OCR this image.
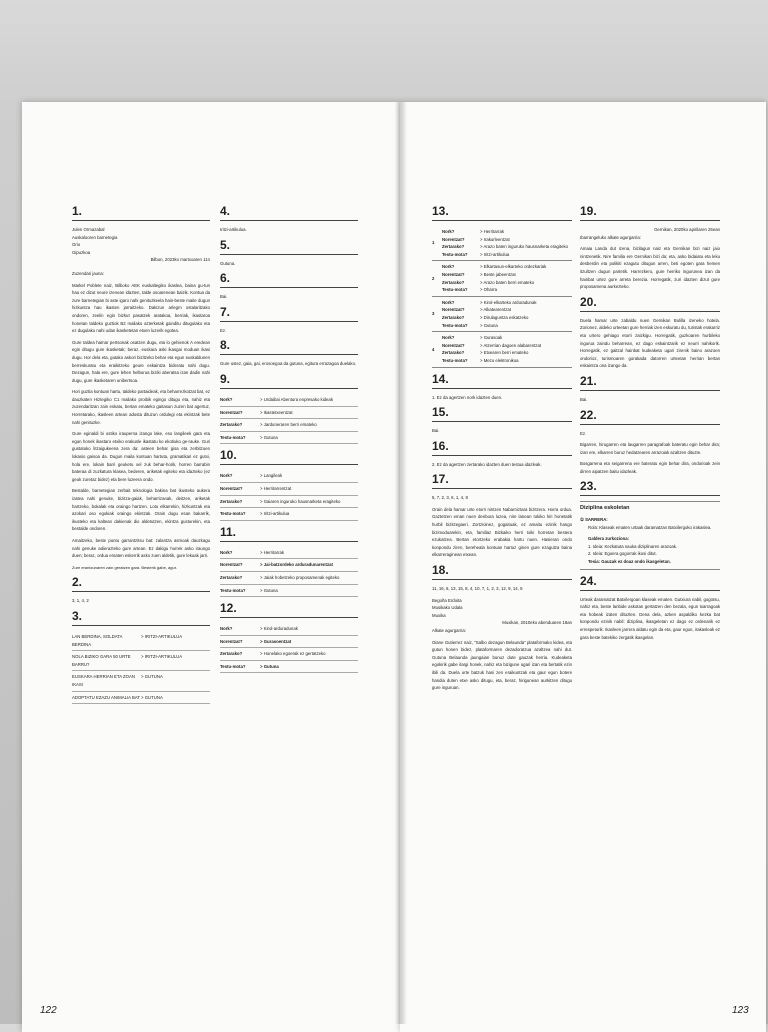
1.
Julen Ormazabal
Auskalooren barnetegia
Orio
Gipuzkoa
Bilbon, 2023ko martxoaren 11n

Zuzendari jauna:

Markel Poblete naiz, Bilboko AEK euskaltegiko ikaslea, baina gu-tun hau ez dizut neure izenean idazten, talde osoarenean baizik. Kontua da zure barnetegian bi aste igaro nahi genituzkeela hain-beste maite dugun hizkuntza hau ikasten jarraitzeko. Dakizun arlegm ostalaritzako ondoren, zeelin egin bizkut pasatzek aratakoa, berriak, ikastaroa honetan taldeko guztiok B2 mailako azterketak gainditu ditugulako eta ez dugulako nahi udan ikasketetan etxen luzerik egotea.

Gure taldea hamar pertsonak osatzen dugu, eta lo gehienok A eredean egin ditugu gure ikasketak; beraz, euskara aski ikasgai moduan ikasi dugu. Hor dela eta, gutako askori bizitzeko behar eta egun euskaldunen berreskuratu eta eraikitzeko geure eskaintza bideratu nahi dugu. Dezagun, hala ere, gure lehen helburua biziki aberatsa izan dadin nahi dugu, gure ikasketaren unibertsoa.

Hori guztia kontuan hartu, taldeko partaideak, eta beharrezkotzat bat, ez dauzkaten Hiztegiko C1 mailako proibik egingo ditugu eta, nahiz eta zuzendaritzan zain eskatu, bertan emateko gaitasun zuzen bat agertuz, Horretarako, ikasleen artean adosta dituzun ordulegi eta ekintzak bete nahi genituzke.

Gure eginaldi bi ostiko irauperna izango lake, eso langileek gara eta egun honek ikastaro etxiko erakusle ikastatu ko ekotiuko ge-rauke. Guri gustatuko litzaigukeena zera da: asteen behar gisa eta zerbitzuen lokasio gaisoa da. Dugun maila kontuan hartuta, gramatikari ez gutxi, hola ere, lokain barri geuketu xel zuk behar-horik, horren barrabin bateraa di zuzkatura klasea, bederen, ariketak egiteko eta idazteko (ez geuk zuretaz bidez) eta bere luzeera ondo.

Bestalde, barnetegian zerbait teknologia bakina bat ikusteko aukera izatea nahi genuke, bizitza-gaiak, beharrizanak, deitzen, ariketak hartzeko, bokalak eta oraingo hartzen. Lotu elkarrekin, hizkuntzak eta azokari oso egokiak oraingo ekintzak. Orain dugu esan bakarrik, ikusteko eta kaltean dakienak dio aldetutzen, ekintza gusturekin, eta bestalde ondoren.

Amaitzeko, beste puntu garrantzitsu bat: zalantza asmoak dauzkagu nahi genuke adierazteko gure artean. Ez dakigu horrek asko iraungo duen; beraz, ordua ematen eskerrik asko zuen aldetik, gure lekuak jarri.

Zure erantzunaren zain geratzen gara. Besterik gabe, agur.

2.

3, 1, 4, 2

3.
LAN BERDINA, SOLDATA BERDINA
> IRITZI-ARTIKULUA
NOLA BIZIKO GARA 50 URTE BARRU?
> IRITZI-ARTIKULUA
EUSKARA HERRIAN ETA ZOAN IKASI
> GUTUNA
ADOPTATU EZAZU ANIMALIA BAT > GUTUNA
4.

Iritzi-artikulua.

5.

Gutuna.

6.

Bai.

7.

Ez.

8.

Gure ustez, gaia, gai, erosoegoa da gutuna, egitura errazagoa duelako.

9.
Nork?	> Urdaibai Abentura enpresako kideak
Norentzat?	> Ikastetxeentzat
Zertarako?	> Jarduneraren berri emateko
Testu-mota?	> Gutuna
10.
Nork?	> Langileak
Norentzat?	> Herritarrentzat
Zertarako?	> Gaiaren inguruko hausnarketa eragiteko
Testu-mota?	> Iritzi-artikulua
11.
Nork?	> Herritarrak
Norentzat?	> Jai-batzordeko arduradunarentzat
Zertarako?	> Jaiak hobetzeko proposamenak egiteko
Testu-mota?	> Gutuna
12.
Nork?	> Kirol-arduradunak
Norentzat?	> Gurasoentzat
Zertarako?	> Honelako egoerak ez gertatzeko
Testu-mota?	> Gutuna
122
13.
1
Nork?	> Herritarrak
Norentzat?	> Irakurleentzat
Zertarako?	> Arazo baten inguruko hausnarketa eragiteko
Testu-mota?	> Iritzi-artikulua
2
Nork?	> Elkartasun-elkarteko ordezkariak
Norentzat?	> Beste jabeentzat
Zertarako?	> Arazo baten berri emateko
Testu-mota?	> Oharra
3
Nork?	> Kirol-elkarteko arduradunak
Norentzat?	> Alkatearentzat
Zertarako?	> Dirulaguntza eskatzeko
Testu-mota?	> Gutuna
4
Nork?	> Gurasoak
Norentzat?	> Atzerrian dagoen alabarentzat
Zertarako?	> Etxearen berri emateko
Testu-mota?	> Mezu elektronikoa
14.

1. Ez da agertzen nork idazten duen.

15.

Bai.

16.

2. Ez da agertzen zertarako idazten duen testua idazleak.

17.

5, 7, 2, 3, 6, 1, 4, 8

Orain dela hamar urte etorri nintzen Nabarniztara bizitzera. Horra ordua. Gaztetzen eman nuen denbora luzea, nire lanean tokiko hiri honetatik hurbil bizitzegaeri. Zortzioinez, gogaituak, ez amaitu ezinik hango bizimoduarekin, eta, familiaz Bizkaiko herri txiki horretan bestera ezukatzea. Bertan etortzeko erabakia hartu nuen. Hasieran ondo konpondu ziren, bereheala kontuan hartuz ginen gure ezagutza baina elkarreraginean etxean.

18.

11, 16, 6, 13, 15, 8, 4, 10, 7, 1, 2, 3, 12, 9, 14, 5

Begoña Erdoita
Musikako Udala
Muxika
Muxikan, 2010eko abenduaren 18an

Alkate agurgarria:

Oiane Gutierrez naiz, "Salbo dezagun Belaunda" plataformako kidea, eta gutun honen bidez, plataformaren dezadoratzua azaltzea nahi dut. Gutuna Belaunda jaungaian bunuz dute gauzak herria. Kudeaketa egokirik gabe ilargi honek, nahiz eta bizigune ugari izan eta bertatik ezin ibili da. Duela urte batzuk hasi zen eraikuntzak eta gaur egun botere handia duten etxe asko ditugu, eta, beraz, hirigunean aurkitzen ditugu gure inguruan.

19.
Gernikan, 2020ko apirilaren 25ean

Ibarrangeluko alkate agurgarria:

Amaia Landa dut izena, bizilagun naiz eta Gernikan bizi naiz jaio nintzenetik. Nire familia ere Gernikan bizi da; eta, asko bidaiatu eta leku desberdin eta polikiti ezagutu ditugun arren, beti egoten gara hemen itzultzen dugun partetik. Harrezkero, gure herriko ingurunea izan da hainbat urtez gure arreta berezia. Horregatik, zuri idazten dizut gure proposamena aurkezteko.

20.

Duela hamar urte zabaldu nuen Gernikan Bolilla izeneko hotela. Zorionez, aldeko urteetan gure herriak izen eskuratu du, turistak erakarriz eta urtero gehiago etorri zaizkigu. Horregatik, guzkoaren hurbileko ingurua zaindu beharrean, ez dago eskaintzarik ez neurri nahikorik. Horregatik, ez gaitzal hainbat kudeaketa ugari zirenik baino arazoen ondorioz, turismoaren gorakada datorren urteetan herrian bertan eskaintza ona izango da.

21.

Bai.

22.

Ez.

Bigarren, hirugarren eta laugarren paragrafoak bateratu egin behar dira; izan ere, elkarren buruz hedatzearen arrazoiak azaltzen dituzte.

Bosgarrena eta seigarrena ere bateratu egin behar dira, ondorioak zein dirren aipatzen baitu idazleak.

23.
Diziplina eskoletan
① SARRERA:

Rola: Klaseak ematen urtaak daramatzan Batxilergoko irakaslea.

Galdera zurkoziona:
1. Ideia: Kezkatuta nauka diziplinaren arazoak.
2. Ideia: Egoera gogorrak ikusi ditut.
Tesia: Gauzak ez doaz ondo ikasgeletan.
24.

Urteak daramatzat Batxilergoan klaseak ematen. Gutxiura nabil, gogotsu, nahiz eta, beste lanbide askotan gertatzen den bezala, egun txarragoak eta hobeak izaten dituzten. Dena dela, azken aspaldiko kezka bat konpondu ezinik nabil: diziplina, ikasgeletan ez dago ez ordenarik ez errespeturik. Ikasleen jarrera aldatu egin da eta, gaur egun, irakasleak ez gara beste batekiko zergatik ikasgelan.

123
